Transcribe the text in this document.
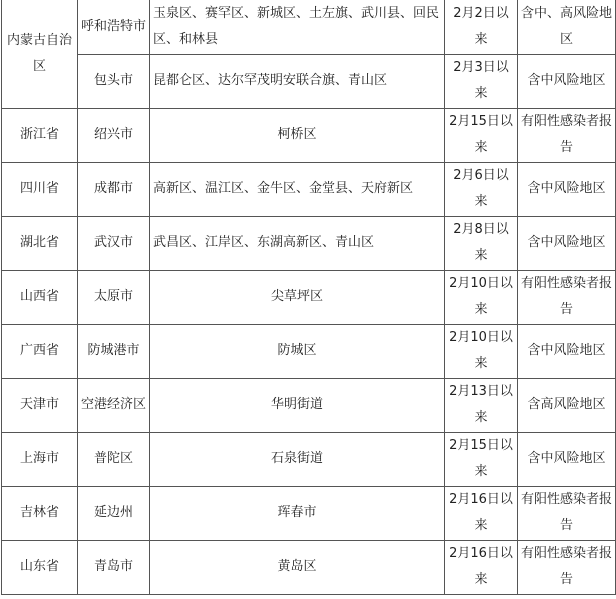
内蒙古自治区	呼和浩特市	玉泉区、赛罕区、新城区、土左旗、武川县、回民区、和林县	2月2日以来	含中、高风险地区
	包头市	昆都仑区、达尔罕茂明安联合旗、青山区	2月3日以来	含中风险地区
浙江省	绍兴市	柯桥区	2月15日以来	有阳性感染者报告
四川省	成都市	高新区、温江区、金牛区、金堂县、天府新区	2月6日以来	含中风险地区
湖北省	武汉市	武昌区、江岸区、东湖高新区、青山区	2月8日以来	含中风险地区
山西省	太原市	尖草坪区	2月10日以来	有阳性感染者报告
广西省	防城港市	防城区	2月10日以来	含中风险地区
天津市	空港经济区	华明街道	2月13日以来	含高风险地区
上海市	普陀区	石泉街道	2月15日以来	含中风险地区
吉林省	延边州	珲春市	2月16日以来	有阳性感染者报告
山东省	青岛市	黄岛区	2月16日以来	有阳性感染者报告
